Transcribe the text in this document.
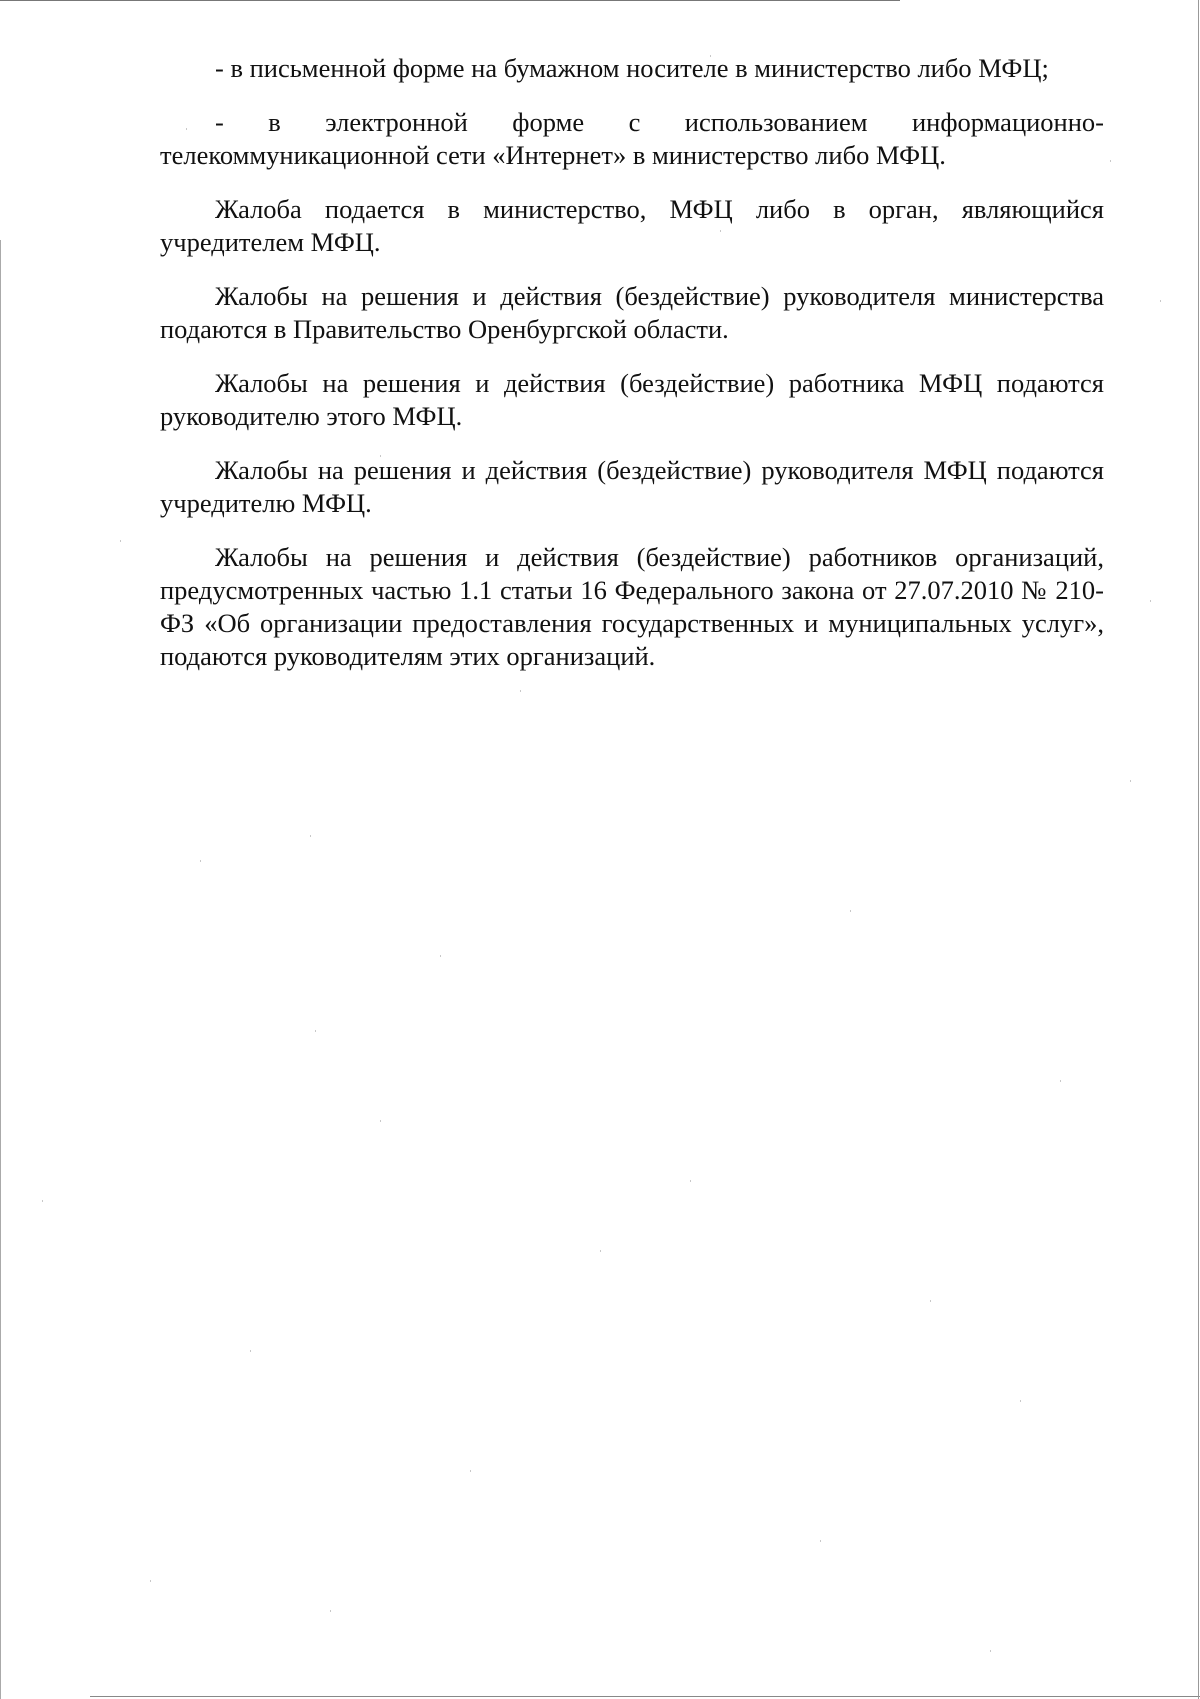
- в письменной форме на бумажном носителе в министерство либо МФЦ;

- в электронной форме с использованием информационно-телекоммуникационной сети «Интернет» в министерство либо МФЦ.

Жалоба подается в министерство, МФЦ либо в орган, являющийся учредителем МФЦ.

Жалобы на решения и действия (бездействие) руководителя министерства подаются в Правительство Оренбургской области.

Жалобы на решения и действия (бездействие) работника МФЦ подаются руководителю этого МФЦ.

Жалобы на решения и действия (бездействие) руководителя МФЦ подаются учредителю МФЦ.

Жалобы на решения и действия (бездействие) работников организаций, предусмотренных частью 1.1 статьи 16 Федерального закона от 27.07.2010 № 210-ФЗ «Об организации предоставления государственных и муниципальных услуг», подаются руководителям этих организаций.
